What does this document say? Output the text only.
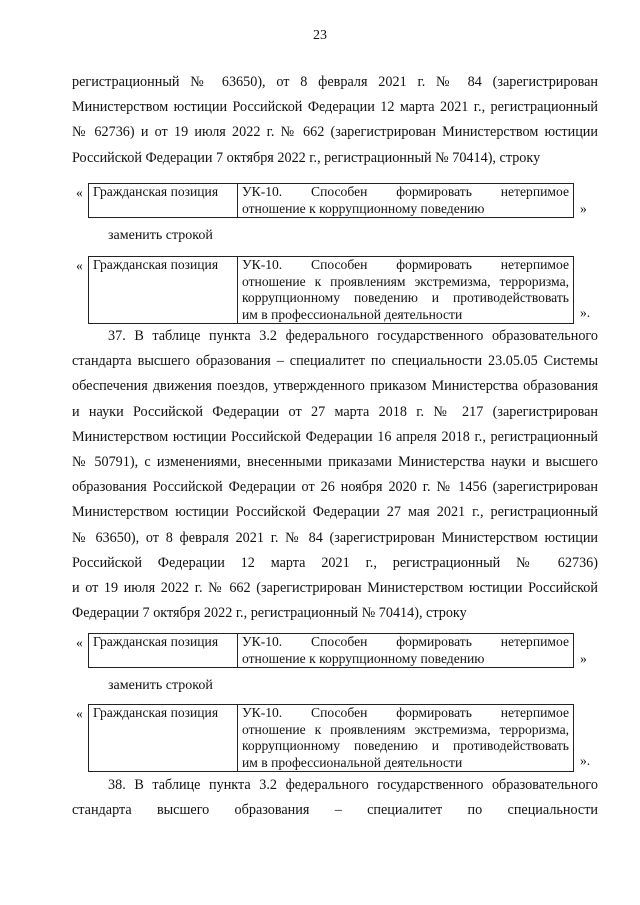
23
регистрационный № 63650), от 8 февраля 2021 г. № 84 (зарегистрирован
Министерством юстиции Российской Федерации 12 марта 2021 г., регистрационный
№ 62736) и от 19 июля 2022 г. № 662 (зарегистрирован Министерством юстиции
Российской Федерации 7 октября 2022 г., регистрационный № 70414), строку
« Гражданская позиция	УК-10. Способен формировать нетерпимое
отношение к коррупционному поведению	»
заменить строкой
« Гражданская позиция	УК-10. Способен формировать нетерпимое
отношение к проявлениям экстремизма, терроризма,
коррупционному поведению и противодействовать
им в профессиональной деятельности	».
37. В таблице пункта 3.2 федерального государственного образовательного
стандарта высшего образования – специалитет по специальности 23.05.05 Системы
обеспечения движения поездов, утвержденного приказом Министерства образования
и науки Российской Федерации от 27 марта 2018 г. № 217 (зарегистрирован
Министерством юстиции Российской Федерации 16 апреля 2018 г., регистрационный
№ 50791), с изменениями, внесенными приказами Министерства науки и высшего
образования Российской Федерации от 26 ноября 2020 г. № 1456 (зарегистрирован
Министерством юстиции Российской Федерации 27 мая 2021 г., регистрационный
№ 63650), от 8 февраля 2021 г. № 84 (зарегистрирован Министерством юстиции
Российской Федерации 12 марта 2021 г., регистрационный № 62736)
и от 19 июля 2022 г. № 662 (зарегистрирован Министерством юстиции Российской
Федерации 7 октября 2022 г., регистрационный № 70414), строку
« Гражданская позиция	УК-10. Способен формировать нетерпимое
отношение к коррупционному поведению	»
заменить строкой
« Гражданская позиция	УК-10. Способен формировать нетерпимое
отношение к проявлениям экстремизма, терроризма,
коррупционному поведению и противодействовать
им в профессиональной деятельности	».
38. В таблице пункта 3.2 федерального государственного образовательного
стандарта высшего образования – специалитет по специальности
